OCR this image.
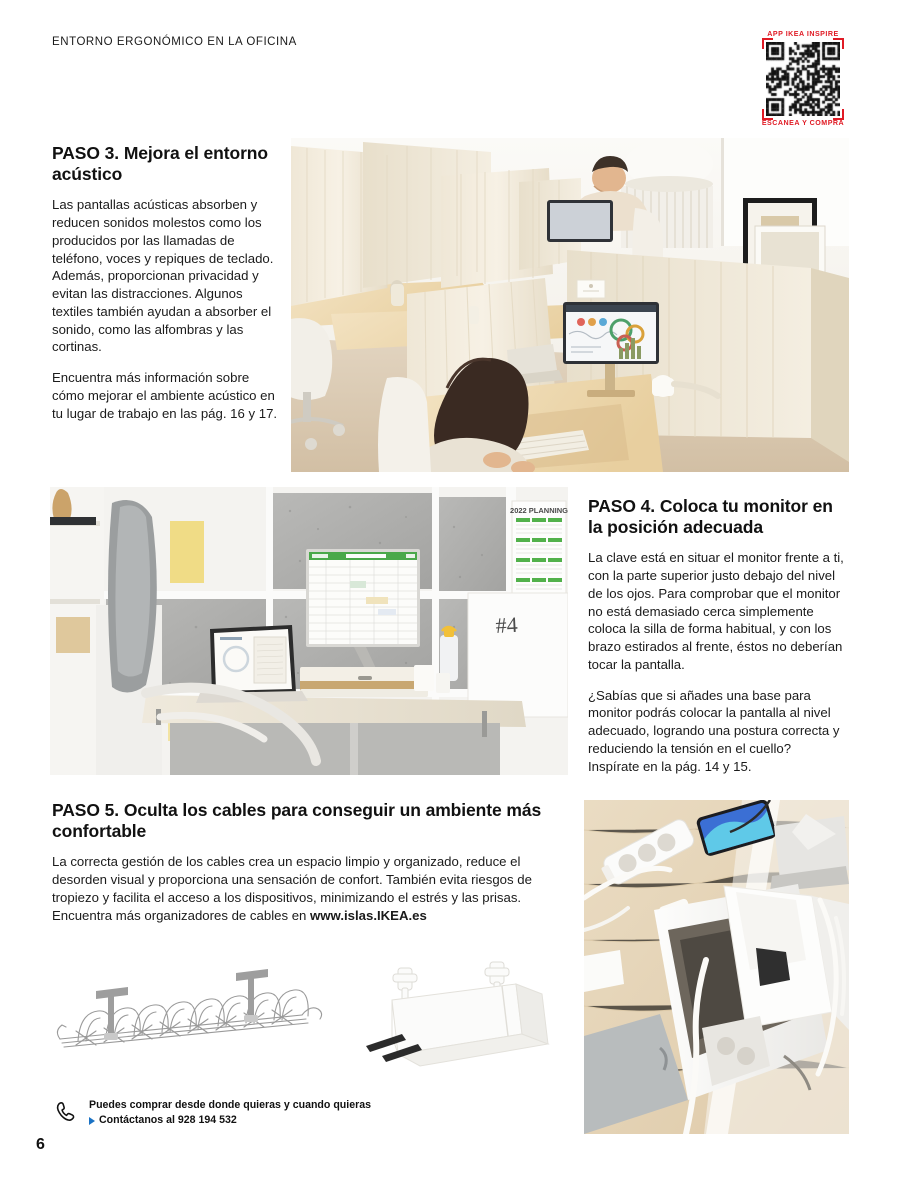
ENTORNO ERGONÓMICO EN LA OFICINA
APP IKEA INSPIRE
ESCANEA Y COMPRA
PASO 3. Mejora el entorno acústico

Las pantallas acústicas absorben y reducen sonidos molestos como los producidos por las llamadas de teléfono, voces y repiques de teclado. Además, proporcionan privacidad y evitan las distracciones. Algunos textiles también ayudan a absorber el sonido, como las alfombras y las cortinas.

Encuentra más información sobre cómo mejorar el ambiente acústico en tu lugar de trabajo en las pág. 16 y 17.

2022 PLANNING
#4
PASO 4. Coloca tu monitor en la posición adecuada

La clave está en situar el monitor frente a ti, con la parte superior justo debajo del nivel de los ojos. Para comprobar que el monitor no está demasiado cerca simplemente coloca la silla de forma habitual, y con los brazo estirados al frente, éstos no deberían tocar la pantalla.

¿Sabías que si añades una base para monitor podrás colocar la pantalla al nivel adecuado, logrando una postura correcta y reduciendo la tensión en el cuello? Inspírate en la pág. 14 y 15.

PASO 5. Oculta los cables para conseguir un ambiente más confortable

La correcta gestión de los cables crea un espacio limpio y organizado, reduce el desorden visual y proporciona una sensación de confort. También evita riesgos de tropiezo y facilita el acceso a los dispositivos, minimizando el estrés y las prisas. Encuentra más organizadores de cables en www.islas.IKEA.es

Puedes comprar desde donde quieras y cuando quieras
Contáctanos al 928 194 532
6
